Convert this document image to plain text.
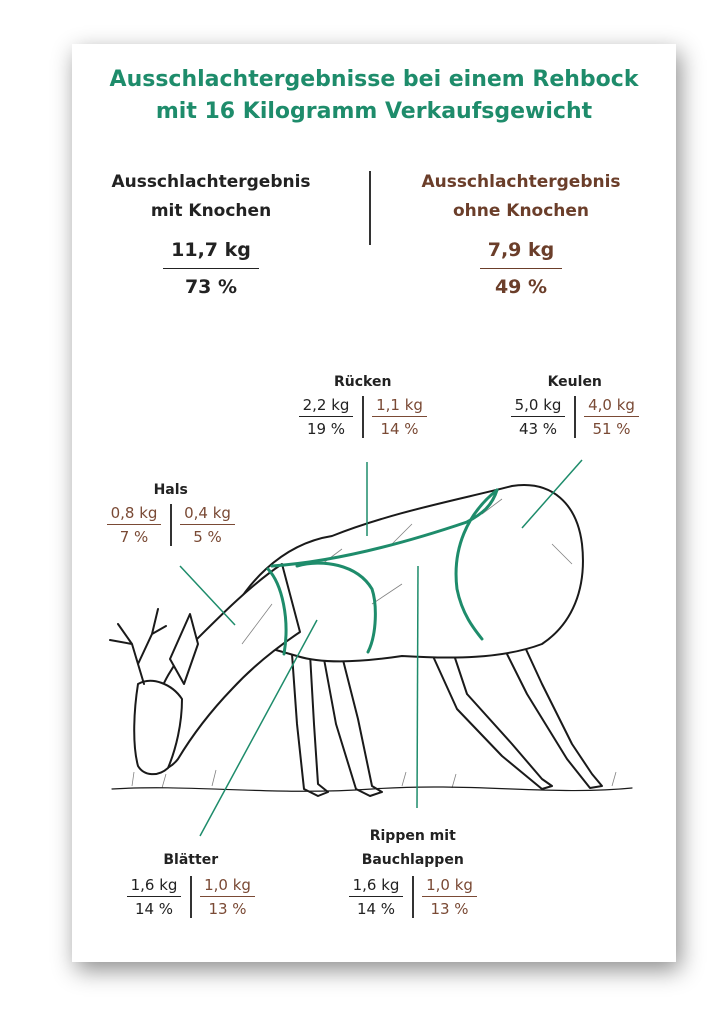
Ausschlachtergebnisse bei einem Rehbock
mit 16 Kilogramm Verkaufsgewicht
Ausschlachtergebnis
mit Knochen
$\frac{11,7 kg}{73 \%}$
Ausschlachtergebnis
ohne Knochen
$\frac{7,9 kg}{49 \%}$
Rücken
2,2 kg
19 %
1,1 kg
14 %
Keulen
5,0 kg
43 %
4,0 kg
51 %
Hals
0,8 kg
7 %
0,4 kg
5 %
Blätter
1,6 kg
14 %
1,0 kg
13 %
Rippen mit
Bauchlappen
1,6 kg
14 %
1,0 kg
13 %
